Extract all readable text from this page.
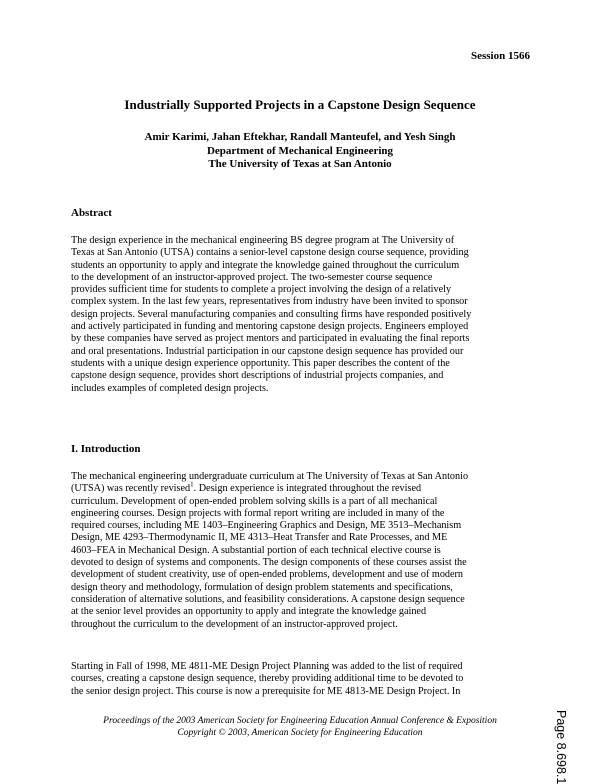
Session 1566
Industrially Supported Projects in a Capstone Design Sequence
Amir Karimi, Jahan Eftekhar, Randall Manteufel, and Yesh Singh
Department of Mechanical Engineering
The University of Texas at San Antonio
Abstract
The design experience in the mechanical engineering BS degree program at The University of
Texas at San Antonio (UTSA) contains a senior-level capstone design course sequence, providing
students an opportunity to apply and integrate the knowledge gained throughout the curriculum
to the development of an instructor-approved project. The two-semester course sequence
provides sufficient time for students to complete a project involving the design of a relatively
complex system. In the last few years, representatives from industry have been invited to sponsor
design projects. Several manufacturing companies and consulting firms have responded positively
and actively participated in funding and mentoring capstone design projects. Engineers employed
by these companies have served as project mentors and participated in evaluating the final reports
and oral presentations. Industrial participation in our capstone design sequence has provided our
students with a unique design experience opportunity. This paper describes the content of the
capstone design sequence, provides short descriptions of industrial projects companies, and
includes examples of completed design projects.
I. Introduction
The mechanical engineering undergraduate curriculum at The University of Texas at San Antonio
(UTSA) was recently revised$^1$. Design experience is integrated throughout the revised
curriculum. Development of open-ended problem solving skills is a part of all mechanical
engineering courses. Design projects with formal report writing are included in many of the
required courses, including ME 1403–Engineering Graphics and Design, ME 3513–Mechanism
Design, ME 4293–Thermodynamic II, ME 4313–Heat Transfer and Rate Processes, and ME
4603–FEA in Mechanical Design. A substantial portion of each technical elective course is
devoted to design of systems and components. The design components of these courses assist the
development of student creativity, use of open-ended problems, development and use of modern
design theory and methodology, formulation of design problem statements and specifications,
consideration of alternative solutions, and feasibility considerations. A capstone design sequence
at the senior level provides an opportunity to apply and integrate the knowledge gained
throughout the curriculum to the development of an instructor-approved project.
Starting in Fall of 1998, ME 4811-ME Design Project Planning was added to the list of required
courses, creating a capstone design sequence, thereby providing additional time to be devoted to
the senior design project. This course is now a prerequisite for ME 4813-ME Design Project. In
Proceedings of the 2003 American Society for Engineering Education Annual Conference & Exposition
Copyright © 2003, American Society for Engineering Education	Page 8.698.1
